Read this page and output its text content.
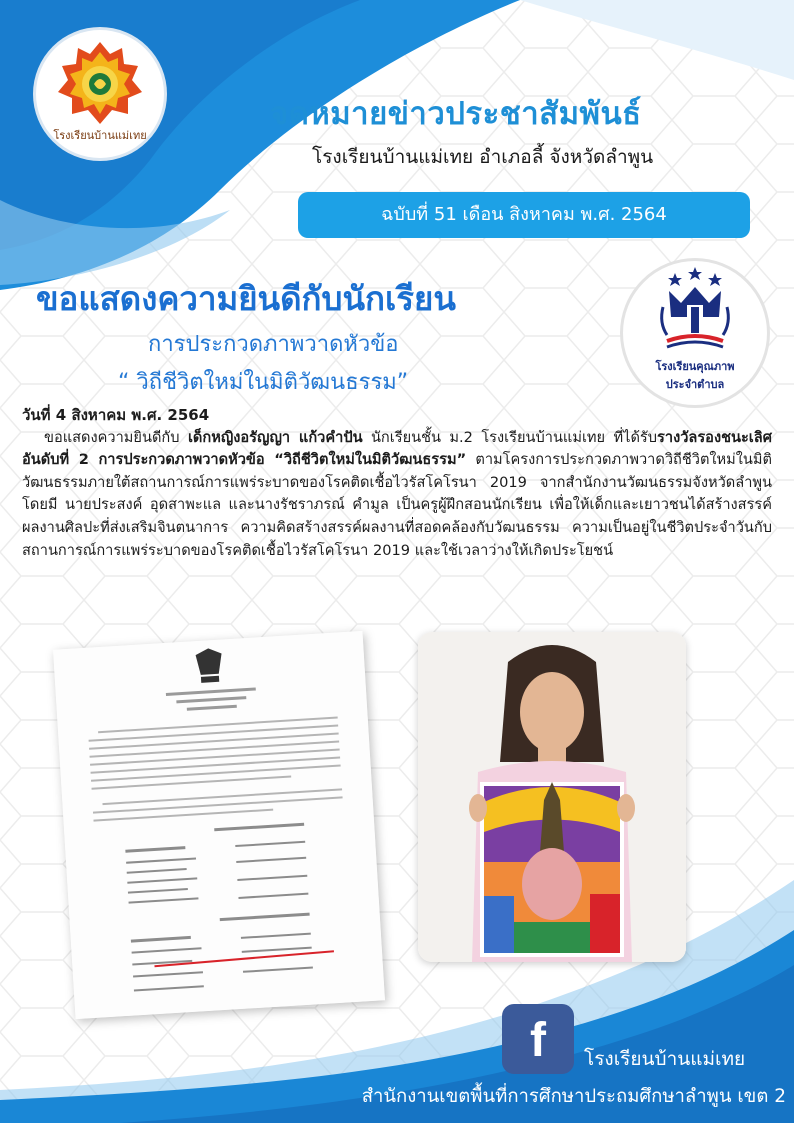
โรงเรียนบ้านแม่เทย
จดหมายข่าวประชาสัมพันธ์
โรงเรียนบ้านแม่เทย อำเภอลี้ จังหวัดลำพูน
ฉบับที่ 51 เดือน สิงหาคม พ.ศ. 2564
ขอแสดงความยินดีกับนักเรียน
การประกวดภาพวาดหัวข้อ
“ วิถีชีวิตใหม่ในมิติวัฒนธรรม”
โรงเรียนคุณภาพ
ประจำตำบล
วันที่ 4 สิงหาคม พ.ศ. 2564

ขอแสดงความยินดีกับ เด็กหญิงอรัญญา แก้วคำปัน นักเรียนชั้น ม.2 โรงเรียนบ้านแม่เทย ที่ได้รับรางวัลรองชนะเลิศ อันดับที่ 2 การประกวดภาพวาดหัวข้อ “วิถีชีวิตใหม่ในมิติวัฒนธรรม” ตามโครงการประกวดภาพวาดวิถีชีวิตใหม่ในมิติวัฒนธรรมภายใต้สถานการณ์การแพร่ระบาดของโรคติดเชื้อไวรัสโคโรนา 2019 จากสำนักงานวัฒนธรรมจังหวัดลำพูน โดยมี นายประสงค์ อุดสาพะแล และนางรัชราภรณ์ คำมูล เป็นครูผู้ฝึกสอนนักเรียน เพื่อให้เด็กและเยาวชนได้สร้างสรรค์ผลงานศิลปะที่ส่งเสริมจินตนาการ ความคิดสร้างสรรค์ผลงานที่สอดคล้องกับวัฒนธรรม ความเป็นอยู่ในชีวิตประจำวันกับสถานการณ์การแพร่ระบาดของโรคติดเชื้อไวรัสโคโรนา 2019 และใช้เวลาว่างให้เกิดประโยชน์

f	โรงเรียนบ้านแม่เทย
สำนักงานเขตพื้นที่การศึกษาประถมศึกษาลำพูน เขต 2
